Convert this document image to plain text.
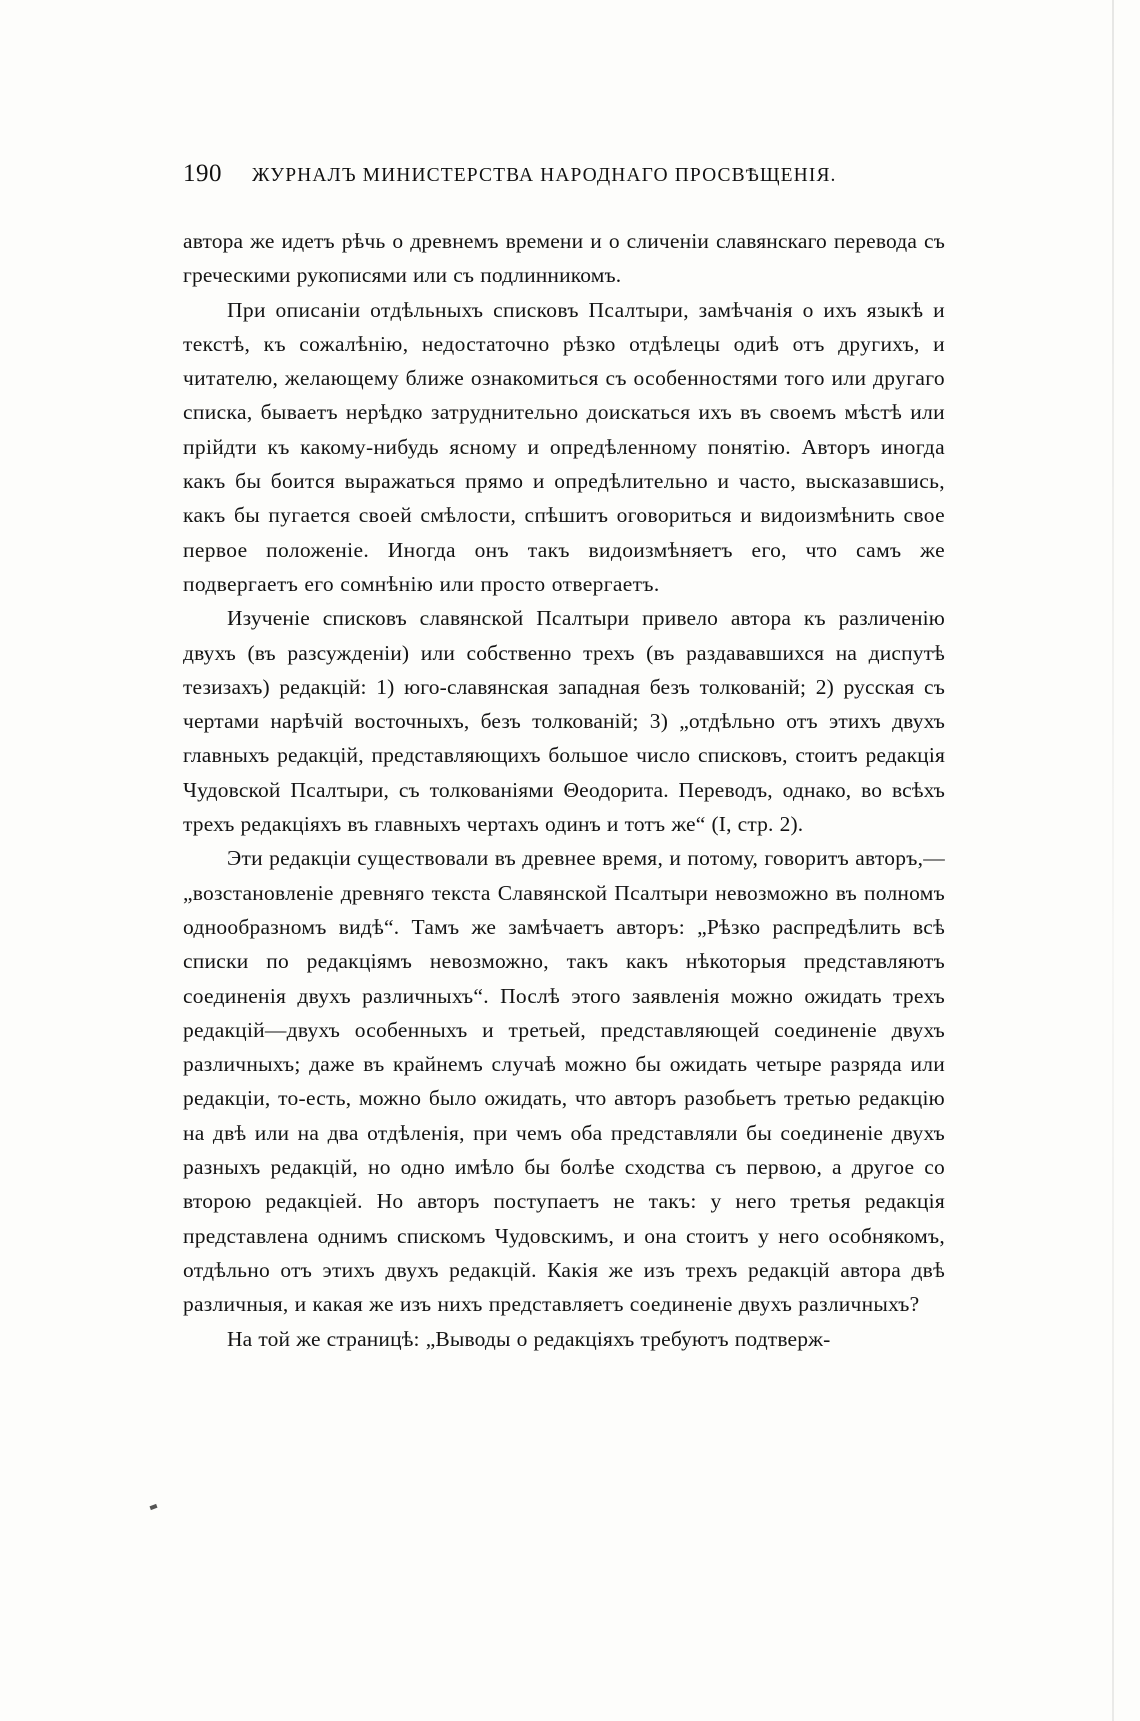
190 ЖУРНАЛЪ МИНИСТЕРСТВА НАРОДНАГО ПРОСВѢЩЕНІЯ.

автора же идетъ рѣчь о древнемъ времени и о сличеніи славянскаго перевода съ греческими рукописями или съ подлинникомъ.

При описаніи отдѣльныхъ списковъ Псалтыри, замѣчанія о ихъ языкѣ и текстѣ, къ сожалѣнію, недостаточно рѣзко отдѣлецы одиѣ отъ другихъ, и читателю, желающему ближе ознакомиться съ особенностями того или другаго списка, бываетъ нерѣдко затруднительно доискаться ихъ въ своемъ мѣстѣ или прійдти къ какому-нибудь ясному и опредѣленному понятію. Авторъ иногда какъ бы боится выражаться прямо и опредѣлительно и часто, высказавшись, какъ бы пугается своей смѣлости, спѣшитъ оговориться и видоизмѣнить свое первое положеніе. Иногда онъ такъ видоизмѣняетъ его, что самъ же подвергаетъ его сомнѣнію или просто отвергаетъ.

Изученіе списковъ славянской Псалтыри привело автора къ различенію двухъ (въ разсужденіи) или собственно трехъ (въ раздававшихся на диспутѣ тезизахъ) редакцій: 1) юго-славянская западная безъ толкованій; 2) русская съ чертами нарѣчій восточныхъ, безъ толкованій; 3) „отдѣльно отъ этихъ двухъ главныхъ редакцій, представляющихъ большое число списковъ, стоитъ редакція Чудовской Псалтыри, съ толкованіями Θеодорита. Переводъ, однако, во всѣхъ трехъ редакціяхъ въ главныхъ чертахъ одинъ и тотъ же“ (I, стр. 2).

Эти редакціи существовали въ древнее время, и потому, говоритъ авторъ,— „возстановленіе древняго текста Славянской Псалтыри невозможно въ полномъ однообразномъ видѣ“. Тамъ же замѣчаетъ авторъ: „Рѣзко распредѣлить всѣ списки по редакціямъ невозможно, такъ какъ нѣкоторыя представляютъ соединенія двухъ различныхъ“. Послѣ этого заявленія можно ожидать трехъ редакцій—двухъ особенныхъ и третьей, представляющей соединеніе двухъ различныхъ; даже въ крайнемъ случаѣ можно бы ожидать четыре разряда или редакціи, то-есть, можно было ожидать, что авторъ разобьетъ третью редакцію на двѣ или на два отдѣленія, при чемъ оба представляли бы соединеніе двухъ разныхъ редакцій, но одно имѣло бы болѣе сходства съ первою, а другое со второю редакціей. Но авторъ поступаетъ не такъ: у него третья редакція представлена однимъ спискомъ Чудовскимъ, и она стоитъ у него особнякомъ, отдѣльно отъ этихъ двухъ редакцій. Какія же изъ трехъ редакцій автора двѣ различныя, и какая же изъ нихъ представляетъ соединеніе двухъ различныхъ?

На той же страницѣ: „Выводы о редакціяхъ требуютъ подтверж-
